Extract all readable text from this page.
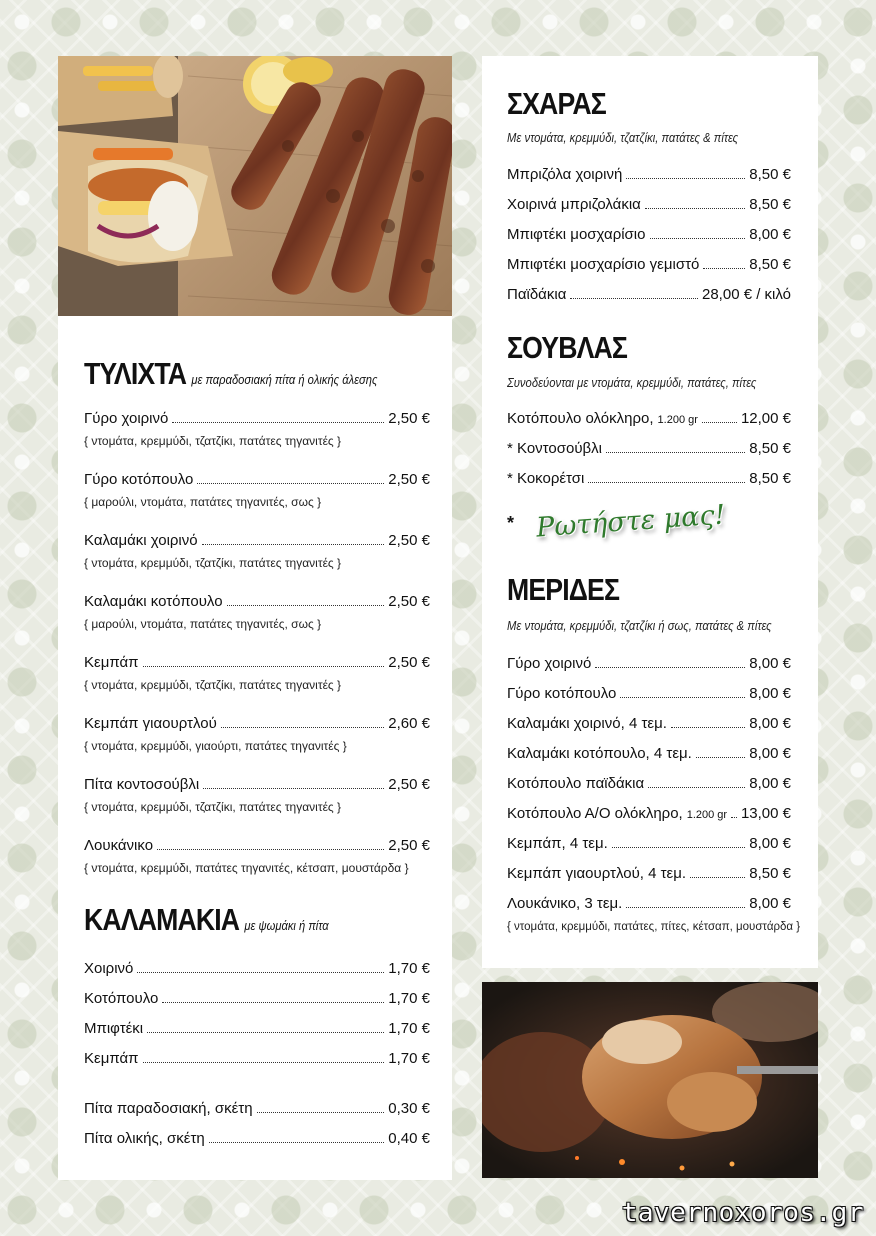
ΤΥΛΙΧΤΑ με παραδοσιακή πίτα ή ολικής άλεσης
ΚΑΛΑΜΑΚΙΑ με ψωμάκι ή πίτα
ΣΧΑΡΑΣ
Με ντομάτα, κρεμμύδι, τζατζίκι, πατάτες & πίτες
ΣΟΥΒΛΑΣ
Συνοδεύονται με ντομάτα, κρεμμύδι, πατάτες, πίτες
* Ρωτήστε μας!
ΜΕΡΙΔΕΣ
Με ντομάτα, κρεμμύδι, τζατζίκι ή σως, πατάτες & πίτες
{ ντομάτα, κρεμμύδι, πατάτες, πίτες, κέτσαπ, μουστάρδα }
tavernoxoros.gr
Γύρο χοιρινό	2,50 €
{ ντομάτα, κρεμμύδι, τζατζίκι, πατάτες τηγανιτές }
Γύρο κοτόπουλο	2,50 €
{ μαρούλι, ντομάτα, πατάτες τηγανιτές, σως }
Καλαμάκι χοιρινό	2,50 €
{ ντομάτα, κρεμμύδι, τζατζίκι, πατάτες τηγανιτές }
Καλαμάκι κοτόπουλο	2,50 €
{ μαρούλι, ντομάτα, πατάτες τηγανιτές, σως }
Κεμπάπ	2,50 €
{ ντομάτα, κρεμμύδι, τζατζίκι, πατάτες τηγανιτές }
Κεμπάπ γιαουρτλού	2,60 €
{ ντομάτα, κρεμμύδι, γιαούρτι, πατάτες τηγανιτές }
Πίτα κοντοσούβλι	2,50 €
{ ντομάτα, κρεμμύδι, τζατζίκι, πατάτες τηγανιτές }
Λουκάνικο	2,50 €
{ ντομάτα, κρεμμύδι, πατάτες τηγανιτές, κέτσαπ, μουστάρδα }
Χοιρινό	1,70 €
Κοτόπουλο	1,70 €
Μπιφτέκι	1,70 €
Κεμπάπ	1,70 €
Πίτα παραδοσιακή, σκέτη	0,30 €
Πίτα ολικής, σκέτη	0,40 €
Μπριζόλα χοιρινή	8,50 €
Χοιρινά μπριζολάκια	8,50 €
Μπιφτέκι μοσχαρίσιο	8,00 €
Μπιφτέκι μοσχαρίσιο γεμιστό	8,50 €
Παϊδάκια	28,00 € / κιλό
Κοτόπουλο ολόκληρο, 1.200 gr	12,00 €
* Κοντοσούβλι	8,50 €
* Κοκορέτσι	8,50 €
Γύρο χοιρινό	8,00 €
Γύρο κοτόπουλο	8,00 €
Καλαμάκι χοιρινό, 4 τεμ.	8,00 €
Καλαμάκι κοτόπουλο, 4 τεμ.	8,00 €
Κοτόπουλο παϊδάκια	8,00 €
Κοτόπουλο Α/Ο ολόκληρο, 1.200 gr 13,00 €
Κεμπάπ, 4 τεμ.	8,00 €
Κεμπάπ γιαουρτλού, 4 τεμ.	8,50 €
Λουκάνικο, 3 τεμ.	8,00 €
